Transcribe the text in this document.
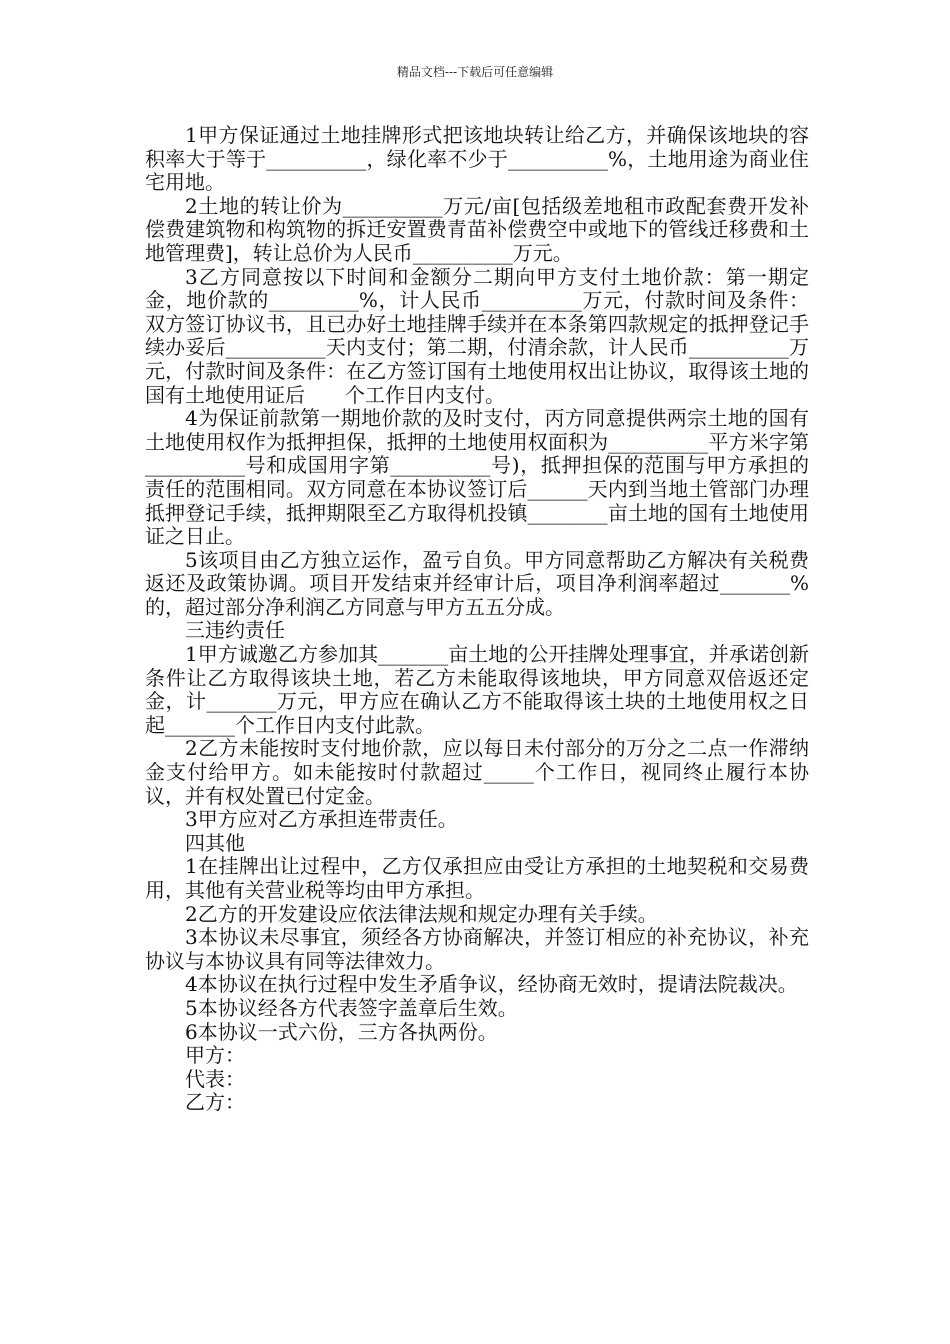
精品文档---下载后可任意编辑

1甲方保证通过土地挂牌形式把该地块转让给乙方，并确保该地块的容积率大于等于__________，绿化率不少于__________%，土地用途为商业住宅用地。

2土地的转让价为__________万元/亩[包括级差地租市政配套费开发补偿费建筑物和构筑物的拆迁安置费青苗补偿费空中或地下的管线迁移费和土地管理费]，转让总价为人民币__________万元。

3乙方同意按以下时间和金额分二期向甲方支付土地价款：第一期定金，地价款的_________%，计人民币__________万元，付款时间及条件：双方签订协议书，且已办好土地挂牌手续并在本条第四款规定的抵押登记手续办妥后__________天内支付；第二期，付清余款，计人民币__________万元，付款时间及条件：在乙方签订国有土地使用权出让协议，取得该土地的国有土地使用证后　　个工作日内支付。

4为保证前款第一期地价款的及时支付，丙方同意提供两宗土地的国有土地使用权作为抵押担保，抵押的土地使用权面积为__________平方米字第__________号和成国用字第__________号)，抵押担保的范围与甲方承担的责任的范围相同。双方同意在本协议签订后______天内到当地土管部门办理抵押登记手续，抵押期限至乙方取得机投镇________亩土地的国有土地使用证之日止。

5该项目由乙方独立运作，盈亏自负。甲方同意帮助乙方解决有关税费返还及政策协调。项目开发结束并经审计后，项目净利润率超过_______%的，超过部分净利润乙方同意与甲方五五分成。

三违约责任

1甲方诚邀乙方参加其_______亩土地的公开挂牌处理事宜，并承诺创新条件让乙方取得该块土地，若乙方未能取得该地块，甲方同意双倍返还定金，计_______万元，甲方应在确认乙方不能取得该土块的土地使用权之日起_______个工作日内支付此款。

2乙方未能按时支付地价款，应以每日未付部分的万分之二点一作滞纳金支付给甲方。如未能按时付款超过_____个工作日，视同终止履行本协议，并有权处置已付定金。

3甲方应对乙方承担连带责任。

四其他

1在挂牌出让过程中，乙方仅承担应由受让方承担的土地契税和交易费用，其他有关营业税等均由甲方承担。

2乙方的开发建设应依法律法规和规定办理有关手续。

3本协议未尽事宜，须经各方协商解决，并签订相应的补充协议，补充协议与本协议具有同等法律效力。

4本协议在执行过程中发生矛盾争议，经协商无效时，提请法院裁决。

5本协议经各方代表签字盖章后生效。

6本协议一式六份，三方各执两份。

甲方：

代表：

乙方：
